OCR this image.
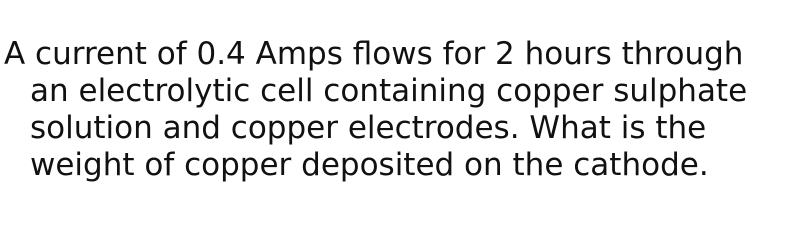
A current of 0.4 Amps flows for 2 hours through
an electrolytic cell containing copper sulphate
solution and copper electrodes. What is the
weight of copper deposited on the cathode.
